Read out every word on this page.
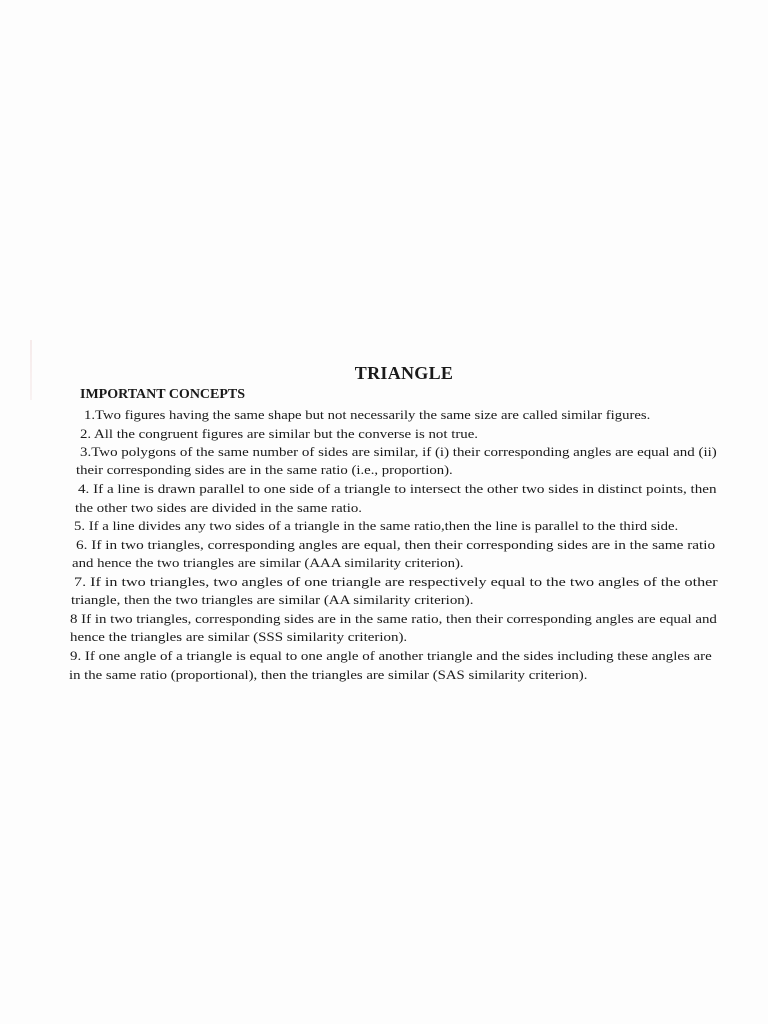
TRIANGLE
IMPORTANT CONCEPTS
1.Two figures having the same shape but not necessarily the same size are called similar figures.
2. All the congruent figures are similar but the converse is not true.
3.Two polygons of the same number of sides are similar, if (i) their corresponding angles are equal and (ii)
their corresponding sides are in the same ratio (i.e., proportion).
4. If a line is drawn parallel to one side of a triangle to intersect the other two sides in distinct points, then
the other two sides are divided in the same ratio.
5. If a line divides any two sides of a triangle in the same ratio,then the line is parallel to the third side.
6. If in two triangles, corresponding angles are equal, then their corresponding sides are in the same ratio
and hence the two triangles are similar (AAA similarity criterion).
7. If in two triangles, two angles of one triangle are respectively equal to the two angles of the other
triangle, then the two triangles are similar (AA similarity criterion).
8 If in two triangles, corresponding sides are in the same ratio, then their corresponding angles are equal and
hence the triangles are similar (SSS similarity criterion).
9. If one angle of a triangle is equal to one angle of another triangle and the sides including these angles are
in the same ratio (proportional), then the triangles are similar (SAS similarity criterion).
